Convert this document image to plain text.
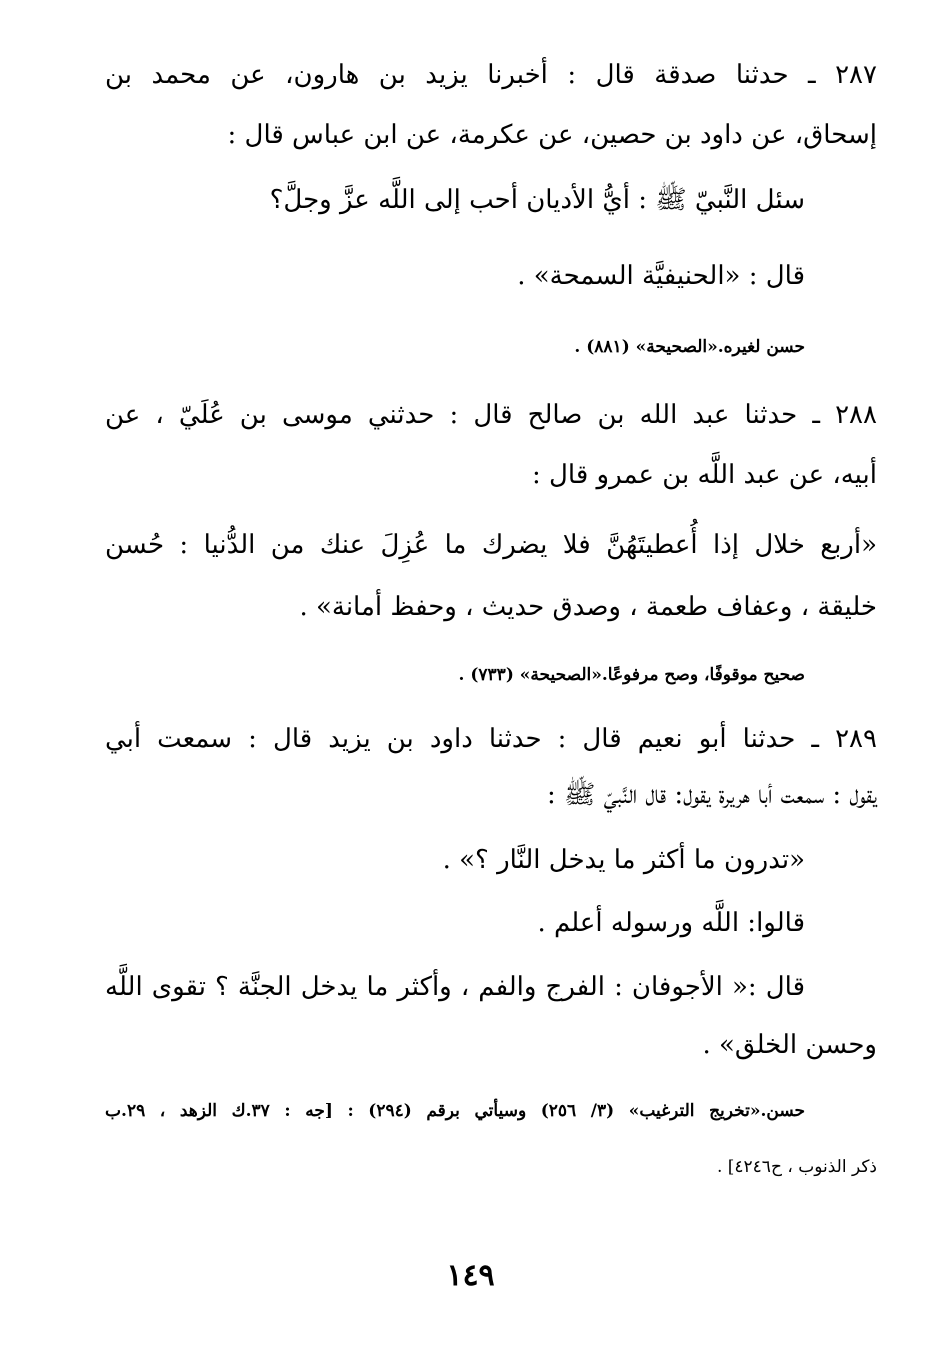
٢٨٧ ـ حدثنا صدقة قال : أخبرنا يزيد بن هارون، عن محمد بن
إسحاق، عن داود بن حصين، عن عكرمة، عن ابن عباس قال :
سئل النَّبيّ ﷺ : أيُّ الأديان أحب إلى اللَّه عزَّ وجلَّ؟
قال : «الحنيفيَّة السمحة» .
حسن لغيره.«الصحيحة» (٨٨١) .
٢٨٨ ـ حدثنا عبد الله بن صالح قال : حدثني موسى بن عُلَيّ ، عن
أبيه، عن عبد اللَّه بن عمرو قال :
«أربع خلال إذا أُعطيتَهُنَّ فلا يضرك ما عُزِلَ عنك من الدُّنيا : حُسن
خليقة ، وعفاف طعمة ، وصدق حديث ، وحفظ أمانة» .
صحيح موقوفًا، وصح مرفوعًا.«الصحيحة» (٧٣٣) .
٢٨٩ ـ حدثنا أبو نعيم قال : حدثنا داود بن يزيد قال : سمعت أبي
يقول : سمعت أبا هريرة يقول: قال النَّبيّ ﷺ :
«تدرون ما أكثر ما يدخل النَّار ؟» .
قالوا: اللَّه ورسوله أعلم .
قال :« الأجوفان : الفرج والفم ، وأكثر ما يدخل الجنَّة ؟ تقوى اللَّه
وحسن الخلق» .
حسن.«تخريج الترغيب» (٣/ ٢٥٦) وسيأتي برقم (٢٩٤) : [جه : ٣٧.ك الزهد ، ٢٩.ب
ذكر الذنوب ، ح٤٢٤٦] .
١٤٩
